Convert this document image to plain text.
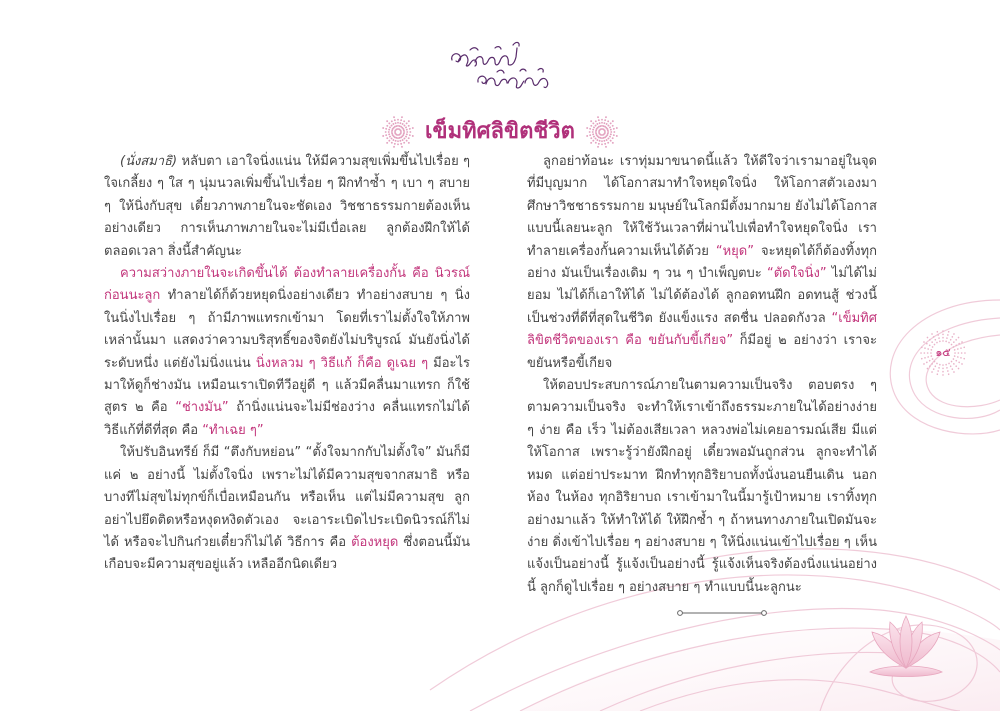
เข็มทิศลิขิตชีวิต

(นั่งสมาธิ) หลับตา เอาใจนิ่งแน่น ให้มีความสุขเพิ่มขึ้นไปเรื่อย ๆ ใจเกลี้ยง ๆ ใส ๆ นุ่มนวลเพิ่มขึ้นไปเรื่อย ๆ ฝึกทำซ้ำ ๆ เบา ๆ สบาย ๆ ให้นิ่งกับสุข เดี๋ยวภาพภายในจะชัดเอง วิชชาธรรมกายต้องเห็นอย่างเดียว การเห็นภาพภายในจะไม่มีเบื่อเลย ลูกต้องฝึกให้ได้ตลอดเวลา สิ่งนี้สำคัญนะ

ความสว่างภายในจะเกิดขึ้นได้ ต้องทำลายเครื่องกั้น คือ นิวรณ์ ก่อนนะลูก ทำลายได้ก็ด้วยหยุดนิ่งอย่างเดียว ทำอย่างสบาย ๆ นิ่งในนิ่งไปเรื่อย ๆ ถ้ามีภาพแทรกเข้ามา โดยที่เราไม่ตั้งใจให้ภาพเหล่านั้นมา แสดงว่าความบริสุทธิ์ของจิตยังไม่บริบูรณ์ มันยังนิ่งได้ระดับหนึ่ง แต่ยังไม่นิ่งแน่น นิ่งหลวม ๆ วิธีแก้ ก็คือ ดูเฉย ๆ มีอะไรมาให้ดูก็ช่างมัน เหมือนเราเปิดทีวีอยู่ดี ๆ แล้วมีคลื่นมาแทรก ก็ใช้สูตร ๒ คือ “ช่างมัน” ถ้านิ่งแน่นจะไม่มีช่องว่าง คลื่นแทรกไม่ได้ วิธีแก้ที่ดีที่สุด คือ “ทำเฉย ๆ”

ให้ปรับอินทรีย์ ก็มี “ตึงกับหย่อน” “ตั้งใจมากกับไม่ตั้งใจ” มันก็มีแค่ ๒ อย่างนี้ ไม่ตั้งใจนิ่ง เพราะไม่ได้มีความสุขจากสมาธิ หรือบางทีไม่สุขไม่ทุกข์ก็เบื่อเหมือนกัน หรือเห็น แต่ไม่มีความสุข ลูกอย่าไปยึดติดหรือหงุดหงิดตัวเอง จะเอาระเบิดไประเบิดนิวรณ์ก็ไม่ได้ หรือจะไปกินก๋วยเตี๋ยวก็ไม่ได้ วิธีการ คือ ต้องหยุด ซึ่งตอนนี้มันเกือบจะมีความสุขอยู่แล้ว เหลืออีกนิดเดียว

ลูกอย่าท้อนะ เราทุ่มมาขนาดนี้แล้ว ให้ดีใจว่าเรามาอยู่ในจุดที่มีบุญมาก ได้โอกาสมาทำใจหยุดใจนิ่ง ให้โอกาสตัวเองมาศึกษาวิชชาธรรมกาย มนุษย์ในโลกมีตั้งมากมาย ยังไม่ได้โอกาสแบบนี้เลยนะลูก ให้ใช้วันเวลาที่ผ่านไปเพื่อทำใจหยุดใจนิ่ง เราทำลายเครื่องกั้นความเห็นได้ด้วย “หยุด” จะหยุดได้ก็ต้องทิ้งทุกอย่าง มันเป็นเรื่องเดิม ๆ วน ๆ บำเพ็ญตบะ “ตัดใจนิ่ง” ไม่ได้ไม่ยอม ไม่ได้ก็เอาให้ได้ ไม่ได้ต้องได้ ลูกอดทนฝึก อดทนสู้ ช่วงนี้เป็นช่วงที่ดีที่สุดในชีวิต ยังแข็งแรง สดชื่น ปลอดกังวล “เข็มทิศลิขิตชีวิตของเรา คือ ขยันกับขี้เกียจ” ก็มีอยู่ ๒ อย่างว่า เราจะขยันหรือขี้เกียจ

ให้ตอบประสบการณ์ภายในตามความเป็นจริง ตอบตรง ๆ ตามความเป็นจริง จะทำให้เราเข้าถึงธรรมะภายในได้อย่างง่าย ๆ ง่าย คือ เร็ว ไม่ต้องเสียเวลา หลวงพ่อไม่เคยอารมณ์เสีย มีแต่ให้โอกาส เพราะรู้ว่ายังฝึกอยู่ เดี๋ยวพอมันถูกส่วน ลูกจะทำได้หมด แต่อย่าประมาท ฝึกทำทุกอิริยาบถทั้งนั่งนอนยืนเดิน นอกห้อง ในห้อง ทุกอิริยาบถ เราเข้ามาในนี้มารู้เป้าหมาย เราทิ้งทุกอย่างมาแล้ว ให้ทำให้ได้ ให้ฝึกซ้ำ ๆ ถ้าหนทางภายในเปิดมันจะง่าย ดิ่งเข้าไปเรื่อย ๆ อย่างสบาย ๆ ให้นิ่งแน่นเข้าไปเรื่อย ๆ เห็นแจ้งเป็นอย่างนี้ รู้แจ้งเป็นอย่างนี้ รู้แจ้งเห็นจริงต้องนิ่งแน่นอย่างนี้ ลูกก็ดูไปเรื่อย ๆ อย่างสบาย ๆ ทำแบบนี้นะลูกนะ

๑๕
